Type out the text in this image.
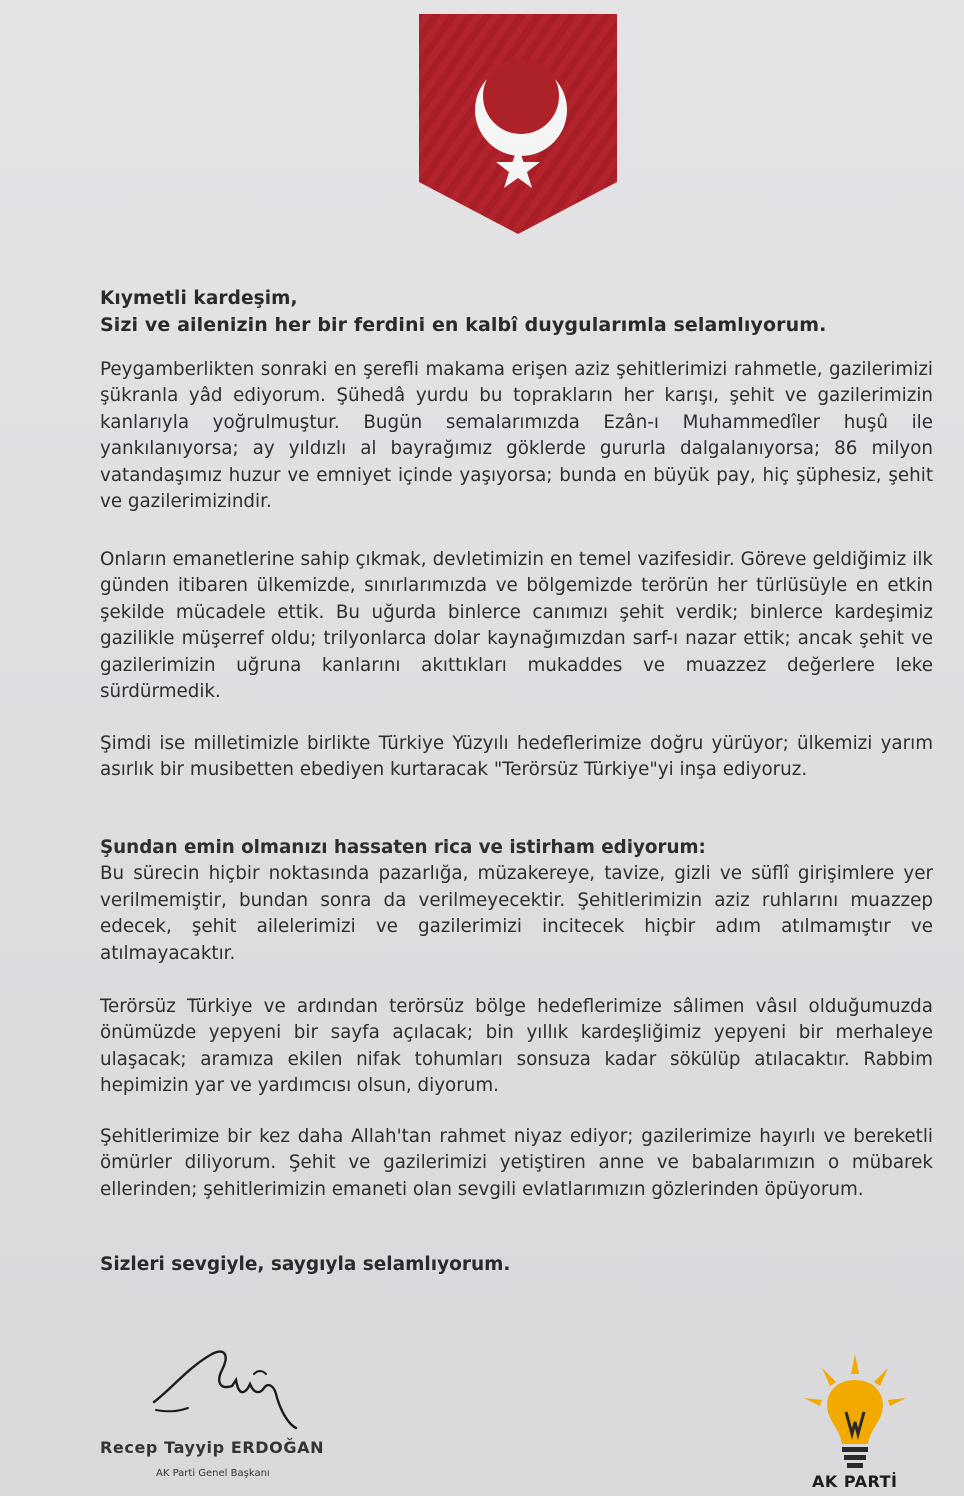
Kıymetli kardeşim,

Sizi ve ailenizin her bir ferdini en kalbî duygularımla selamlıyorum.

Peygamberlikten sonraki en şerefli makama erişen aziz şehitlerimizi rahmetle, gazilerimizi şükranla yâd ediyorum. Şühedâ yurdu bu toprakların her karışı, şehit ve gazilerimizin kanlarıyla yoğrulmuştur. Bugün semalarımızda Ezân-ı Muhammedîler huşû ile yankılanıyorsa; ay yıldızlı al bayrağımız göklerde gururla dalgalanıyorsa; 86 milyon vatandaşımız huzur ve emniyet içinde yaşıyorsa; bunda en büyük pay, hiç şüphesiz, şehit ve gazilerimizindir.

Onların emanetlerine sahip çıkmak, devletimizin en temel vazifesidir. Göreve geldiğimiz ilk günden itibaren ülkemizde, sınırlarımızda ve bölgemizde terörün her türlüsüyle en etkin şekilde mücadele ettik. Bu uğurda binlerce canımızı şehit verdik; binlerce kardeşimiz gazilikle müşerref oldu; trilyonlarca dolar kaynağımızdan sarf-ı nazar ettik; ancak şehit ve gazilerimizin uğruna kanlarını akıttıkları mukaddes ve muazzez değerlere leke sürdürmedik.

Şimdi ise milletimizle birlikte Türkiye Yüzyılı hedeflerimize doğru yürüyor; ülkemizi yarım asırlık bir musibetten ebediyen kurtaracak "Terörsüz Türkiye"yi inşa ediyoruz.

Şundan emin olmanızı hassaten rica ve istirham ediyorum:
Bu sürecin hiçbir noktasında pazarlığa, müzakereye, tavize, gizli ve süflî girişimlere yer verilmemiştir, bundan sonra da verilmeyecektir. Şehitlerimizin aziz ruhlarını muazzep edecek, şehit ailelerimizi ve gazilerimizi incitecek hiçbir adım atılmamıştır ve atılmayacaktır.

Terörsüz Türkiye ve ardından terörsüz bölge hedeflerimize sâlimen vâsıl olduğumuzda önümüzde yepyeni bir sayfa açılacak; bin yıllık kardeşliğimiz yepyeni bir merhaleye ulaşacak; aramıza ekilen nifak tohumları sonsuza kadar sökülüp atılacaktır. Rabbim hepimizin yar ve yardımcısı olsun, diyorum.

Şehitlerimize bir kez daha Allah'tan rahmet niyaz ediyor; gazilerimize hayırlı ve bereketli ömürler diliyorum. Şehit ve gazilerimizi yetiştiren anne ve babalarımızın o mübarek ellerinden; şehitlerimizin emaneti olan sevgili evlatlarımızın gözlerinden öpüyorum.

Sizleri sevgiyle, saygıyla selamlıyorum.

Recep Tayyip ERDOĞAN

AK Parti Genel Başkanı	AK PARTİ
